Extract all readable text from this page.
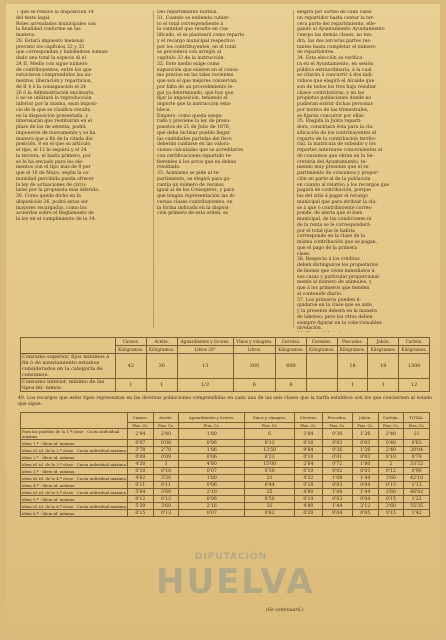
7 que se reduce la disposición 14
del texto legal.
Roles arrendados municipales con
la finalidad conforme en las
manera:
28. Estará impuesto mensual
previsto los capítulos 22 y 33
que correspondan y habiéndose suman-
dado uno total la especie di el
24 II. Medio con sigue número
de contribuyentes, entre los que
estuvieron comprendidos las au-
mentos, liberación y reparticion,
de II 4 ó la consignación el 24
26 ó la Administración encimarlo,
ó no se utilizará la reproducción
inferior por la misma, sean imposi-
cio de la que se clasifica resulta
en la disposición presentada, y
interesarán que restituirán en el
plazo de los de setenta, podrá
imponerse de nuevamente y se ha
manera que a fin de la citada dis-
posición. 8 en el que su articulo
el tipo, el 12 le seguirá y el 24
la tercera, el hasta primero, por
se le ha enviado para los ele-
mentos con el tipo más de 9 por
que el 10 de Mayo, según la co-
munidad percibida pueda ofrecer
la ley de actuaciones de circu-
lares por la propuesta más diferida.
30. Como queda dicho en la
disposición 26, podrá estas ser
mayores recargadas, como los
acuerdos sobre el Reglamento de
la ley en el cumplimiento de la 14.
Del repartimiento normal.
31. Cuando se entienda cubier-
to el total correspondiente á
la cantidad que resulte en cua-
lificado, el se planteará como reparto
y el recargo municipal respectivo
por los contribuyentes, en el total,
se procederá con arreglo al
capítulo 33 de la instrucción.
32. Este medio exige como
suposición que existen en el consu-
mo precios en las tales recientes
que son el que mejores conservan,
por falta de un procedimiento le-
gal ya determinado, que hay que
fijar la imposición, teniendo el
importe que la instrucción esta-
blece.
Empero, como queda asegu-
rado y previene la ley de presu-
puestos de 21 de Julio de 1876,
que debe inclinar pueblo llegar
las cantidades partidas del fisco
deberán cuidarse en las valora-
ciones calculadas que se acreditaron
con certificaciones repartido re-
fierenles á los actos que no deban
resultado.
33. Asimismo se pide al re-
partimiento, se elegirá para ga-
rantía un número de vecinos
igual al de los Consejeros, y para
que tengan representación las di-
versas clases contribuyentes, en
la forma indicada en la disposi-
ción primera de esta orden, se
elegirá por sorteo de cada clase
un repartidor hasta contar la ter-
cera parte del repartimiento, elle-
gando al Ayuntamiento Ayuntamiento
cuerpo las demás clases, no ten-
drá, las dos terceras partes res-
tantes hasta completar el número
de repartidores.
34. Esta elección se verifica-
rá en el Ayuntamiento, en sesión
pública extraordinaria, á la cual
se citarán á concurrir á dos indi-
viduos que elegirá el Alcalde que
son de todos los tres bajo resultar
clases contributivas; y en las
propietas poblaciones donde no
pudieran existir dichas personas
por motivo de las trimestrales,
se fijarán concurrir por ellas.
35. Elegida la Junta reparti-
dora, consultará ésta para la cla-
sificación de los contribuyentes el
reparto de la contribución territo-
rial, la matrícula de subsidio y los
reportes anteriores concernientes al
de consumos que obran en la Se-
cretaría del Ayuntamiento, te-
niendo muy presente que el re-
partimiento de consumos y propor-
ción en parte al de la población
en cuanto al relativo á los recargos que
pagará de contribución, porque
los del sitio á pagar el recargo
municipal que para atribuir la cla-
se á que ó contribuyente corres-
ponde, de alerta que el bien
municipal, de las condiciones ni
de la renta se le corresponderá
por el total que le habria
corresponde en la clase de la
misma contribución que se pagan,
que el pago de la primera
clase.
36. Respecto á los créditos
deben distinguirse los propietarios
de bienes que viven inmediatos á
sus casas y particular proporcional-
mente al número de animales, y
que á los primeros que tienden
al contenido diario.
37. Los primeros pueden li-
quidarse en la clase que se ante,
y la presente deberá en la manera
de laboreo; pero los otros deben
siempre figurar en la coleccionables
nivelación.

	Carnes.	Aceite.	Aguardientes y licores.	Vinos y vinagres.	Cerveza.	Cereales.	Pescados.	Jabón.	Carbón.
	Kilógramos.	Kilógramos.	Litros 20°	Litros.	Kilógramos.	Kilógramos.	Kilógramos.	Kilógramos.	Kilógramos.
Consumo superior, fijos mínimos á fin ó de asentamiento estamos considerados en la categoría de consumos.	42	30	13	300	600		18	18	1300
Consumo inferior, mínimo de las tipos mí- nimos.	1	1	1/2	6	8		1	1	12
40. Los recargos que estos tipos representan en las diversas poblaciones comprendidas en cada una de las seis clases que la tarifa establece son los que conciernen al estado que sigue:
	Carnes.	Aceite.	Aguardientes y licores.	Vinos y vinagres.	Cerveza.	Pescados.	Jabón.	Carbón.	TOTAL.
	Ptas. Cs.	Ptas. Cs.	Ptas. Cs.	Ptas. Cs.	Ptas. Cs.	Ptas. Cs.	Ptas. Cs.	Ptas. Cs.	Ptas. Cs.
Para las pueblos de la 1.ª clase · Cuota individual máxima	2'94	2'40	1'80	6	3'84	0'36	1'26	2'40	21
ídem 1.ª · Ídem id. mínima	0'07	0'08	0'06	0'12	0'16	0'03	0'03	0'40	0'83
ídem id. id. de la 2.ª clase · Cuota individual máxima	3'78	2'70	1'86	13'50	9'84	0'36	1'26	2'40	28'04
ídem 2.ª · Ídem id. mínima	0'09	0'09	0'06	0'23	0'10	0'01	0'03	0'10	0'79
ídem id. id. de la 3.ª clase · Cuota individual máxima	4'20	3	4'80	15'00	2'64	0'72	1'80	2	33'32
ídem 3.ª · Ídem id. mínima	0'10	0'10	0'07	0'30	0'10	0'02	0'03	0'12	0'90
ídem id. id. de la 4.ª clase · Cuota individual máxima	4'62	3'30	1'80	21	4'32	1'08	1'44	3'60	42'10
ídem 4.ª · Ídem id. mínima	0'11	0'11	0'06	0'44	0'18	0'03	0'04	0'15	1'12
ídem id. id. de la 5.ª clase · Cuota individual máxima	5'04	3'60	2'10	25	4'80	1'08	1'44	3'60	46'02
ídem 5.ª · Ídem id. mínima	0'12	0'12	0'06	0'50	0'19	0'03	0'04	0'15	1'22
ídem id. id. de la 6.ª clase · Cuota individual máxima	5'30	3'60	2'16	31	4'80	1'44	2'12	3'60	55'35
ídem 6.ª · Ídem id. mínima	0'15	0'13	0'07	0'62	0'20	0'04	0'05	0'15	1'42
DIPUTACIÓN
HUELVA
(Se continuará.)
